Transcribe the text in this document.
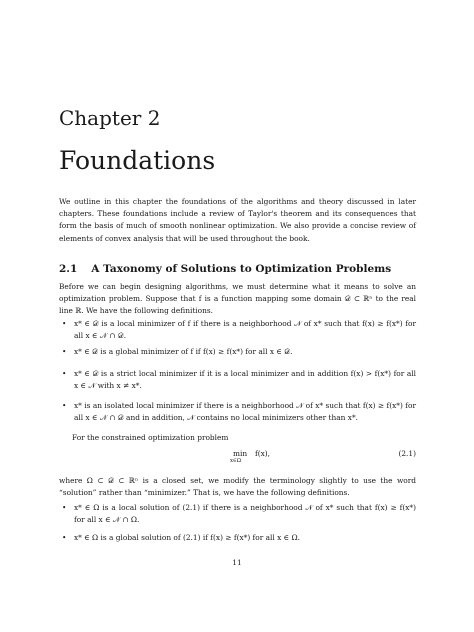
Chapter 2
Foundations
We outline in this chapter the foundations of the algorithms and theory discussed in later chapters. These foundations include a review of Taylor's theorem and its consequences that form the basis of much of smooth nonlinear optimization. We also provide a concise review of elements of convex analysis that will be used throughout the book.
2.1 A Taxonomy of Solutions to Optimization Problems
Before we can begin designing algorithms, we must determine what it means to solve an optimization problem. Suppose that f is a function mapping some domain 𝒟 ⊂ ℝⁿ to the real line ℝ. We have the following definitions.
• x* ∈ 𝒟 is a local minimizer of f if there is a neighborhood 𝒩 of x* such that f(x) ≥ f(x*) for all x ∈ 𝒩 ∩ 𝒟.
• x* ∈ 𝒟 is a global minimizer of f if f(x) ≥ f(x*) for all x ∈ 𝒟.
• x* ∈ 𝒟 is a strict local minimizer if it is a local minimizer and in addition f(x) > f(x*) for all x ∈ 𝒩 with x ≠ x*.
• x* is an isolated local minimizer if there is a neighborhood 𝒩 of x* such that f(x) ≥ f(x*) for all x ∈ 𝒩 ∩ 𝒟 and in addition, 𝒩 contains no local minimizers other than x*.
For the constrained optimization problem
min
x∈Ω
f(x),	(2.1)
where Ω ⊂ 𝒟 ⊂ ℝⁿ is a closed set, we modify the terminology slightly to use the word “solution” rather than “minimizer.” That is, we have the following definitions.
• x* ∈ Ω is a local solution of (2.1) if there is a neighborhood 𝒩 of x* such that f(x) ≥ f(x*) for all x ∈ 𝒩 ∩ Ω.
• x* ∈ Ω is a global solution of (2.1) if f(x) ≥ f(x*) for all x ∈ Ω.
11
